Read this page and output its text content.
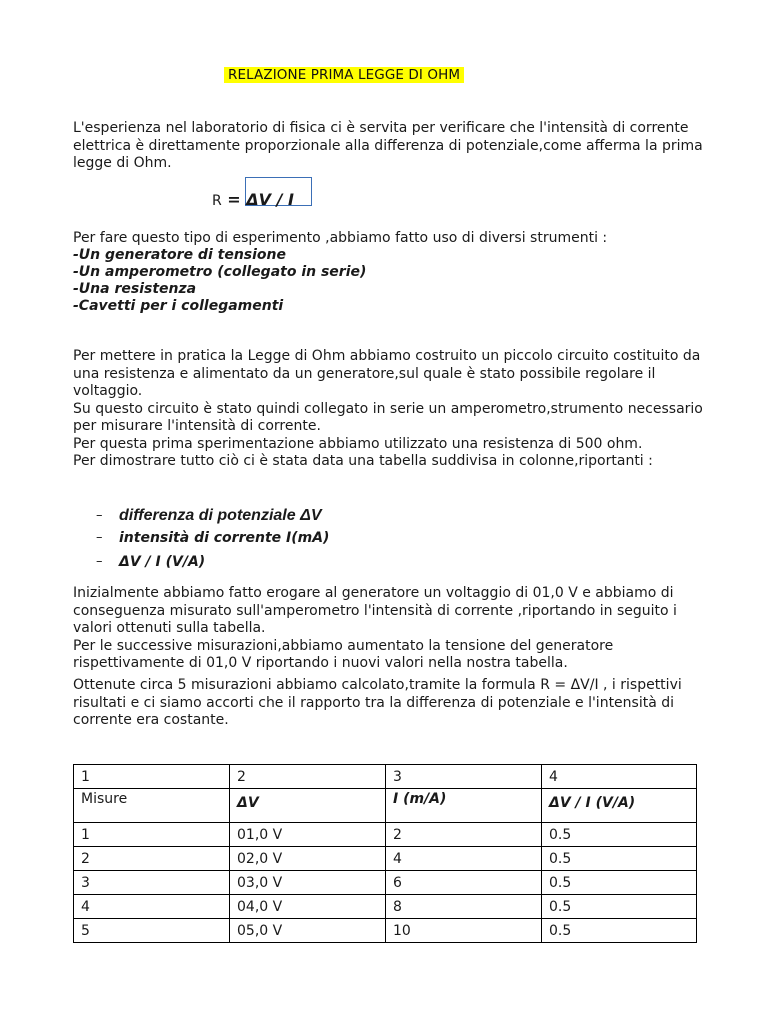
RELAZIONE PRIMA LEGGE DI OHM
L'esperienza nel laboratorio di fisica ci è servita per verificare che l'intensità di corrente elettrica è direttamente proporzionale alla differenza di potenziale,come afferma la prima legge di Ohm.
R = ΔV / I
Per fare questo tipo di esperimento ,abbiamo fatto uso di diversi strumenti :
-Un generatore di tensione
-Un amperometro (collegato in serie)
-Una resistenza
-Cavetti per i collegamenti
Per mettere in pratica la Legge di Ohm abbiamo costruito un piccolo circuito costituito da una resistenza e alimentato da un generatore,sul quale è stato possibile regolare il voltaggio.
Su questo circuito è stato quindi collegato in serie un amperometro,strumento necessario per misurare l'intensità di corrente.
Per questa prima sperimentazione abbiamo utilizzato una resistenza di 500 ohm.
Per dimostrare tutto ciò ci è stata data una tabella suddivisa in colonne,riportanti :
– differenza di potenziale ΔV
– intensità di corrente I(mA)
– ΔV / I (V/A)
Inizialmente abbiamo fatto erogare al generatore un voltaggio di 01,0 V e abbiamo di conseguenza misurato sull'amperometro l'intensità di corrente ,riportando in seguito i valori ottenuti sulla tabella.
Per le successive misurazioni,abbiamo aumentato la tensione del generatore rispettivamente di 01,0 V riportando i nuovi valori nella nostra tabella.
Ottenute circa 5 misurazioni abbiamo calcolato,tramite la formula R = ΔV/I , i rispettivi risultati e ci siamo accorti che il rapporto tra la differenza di potenziale e l'intensità di corrente era costante.
1	2	3	4
Misure	ΔV	I (m/A)	ΔV / I (V/A)
1	01,0 V	2	0.5
2	02,0 V	4	0.5
3	03,0 V	6	0.5
4	04,0 V	8	0.5
5	05,0 V	10	0.5
